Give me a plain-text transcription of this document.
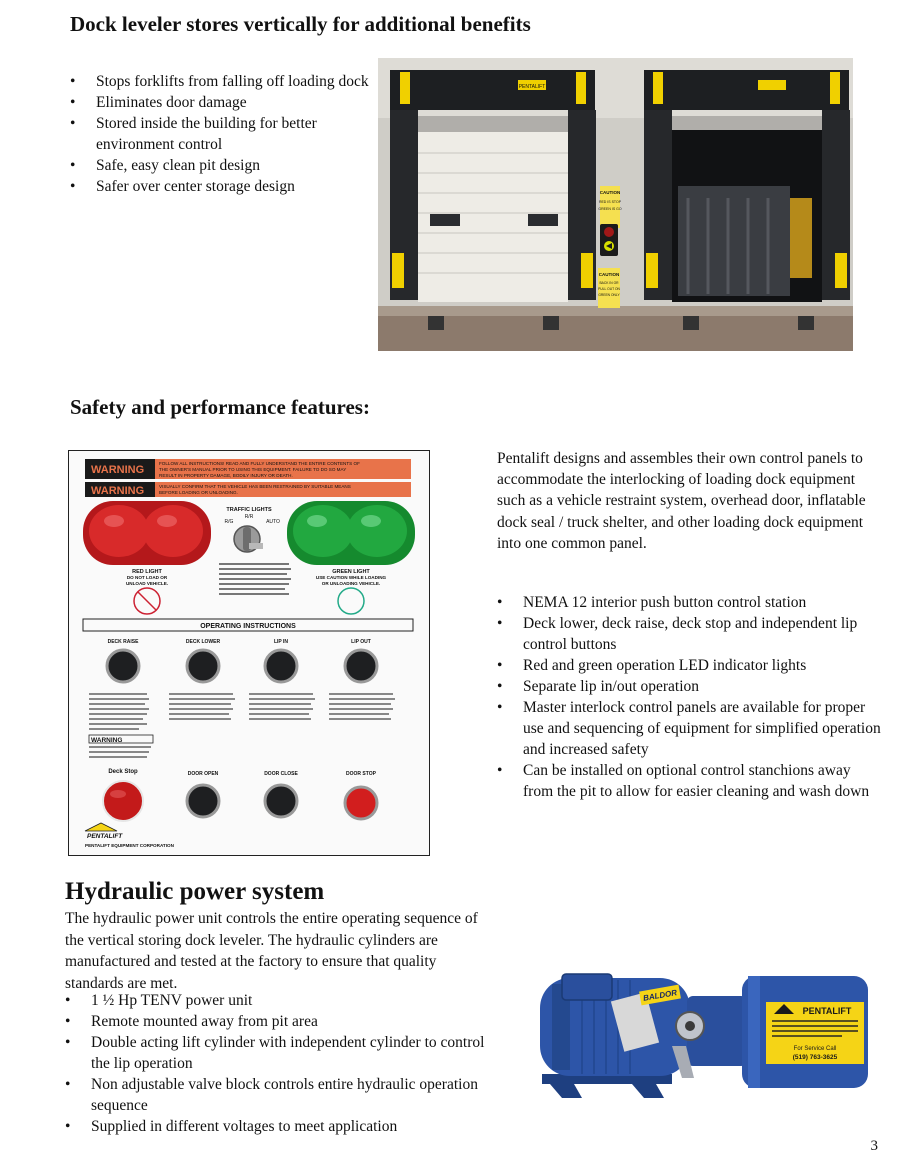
Dock leveler stores vertically for additional benefits
• Stops forklifts from falling off loading dock
• Eliminates door damage
• Stored inside the building for better environment control
• Safe, easy clean pit design
• Safer over center storage design
PENTALIFT
CAUTION
RED IS STOP
GREEN IS GO
CAUTION
BACK IN OR
PULL OUT ON
GREEN ONLY
Safety and performance features:
WARNING
FOLLOW ALL INSTRUCTIONS! READ AND FULLY UNDERSTAND THE ENTIRE CONTENTS OF
THE OWNER'S MANUAL PRIOR TO USING THIS EQUIPMENT. FAILURE TO DO SO MAY
RESULT IN PROPERTY DAMAGE, BODILY INJURY OR DEATH.
WARNING	VISUALLY CONFIRM THAT THE VEHICLE HAS BEEN RESTRAINED BY SUITABLE MEANS
BEFORE LOADING OR UNLOADING.
TRAFFIC LIGHTS
R/R
R/G	AUTO
RED LIGHT
DO NOT LOAD OR
UNLOAD VEHICLE.
GREEN LIGHT
USE CAUTION WHILE LOADING
OR UNLOADING VEHICLE.
OPERATING INSTRUCTIONS
DECK RAISE	DECK LOWER	LIP IN	LIP OUT
WARNING
Deck Stop	DOOR OPEN	DOOR CLOSE	DOOR STOP
PENTALIFT
PENTALIFT EQUIPMENT CORPORATION

Pentalift designs and assembles their own control panels to accommodate the interlocking of loading dock equipment such as a vehicle restraint system, overhead door, inflatable dock seal / truck shelter, and other loading dock equipment into one common panel.

• NEMA 12 interior push button control station
• Deck lower, deck raise, deck stop and independent lip control buttons
• Red and green operation LED indicator lights
• Separate lip in/out operation
• Master interlock control panels are available for proper use and sequencing of equipment for simplified operation and increased safety
• Can be installed on optional control stanchions away from the pit to allow for easier cleaning and wash down
Hydraulic power system

The hydraulic power unit controls the entire operating sequence of the vertical storing dock leveler. The hydraulic cylinders are manufactured and tested at the factory to ensure that quality standards are met.

• 1 ½ Hp TENV power unit
• Remote mounted away from pit area
• Double acting lift cylinder with independent cylinder to control the lip operation
• Non adjustable valve block controls entire hydraulic operation sequence
• Supplied in different voltages to meet application
BALDOR
PENTALIFT
For Service Call
(519) 763-3625
3
